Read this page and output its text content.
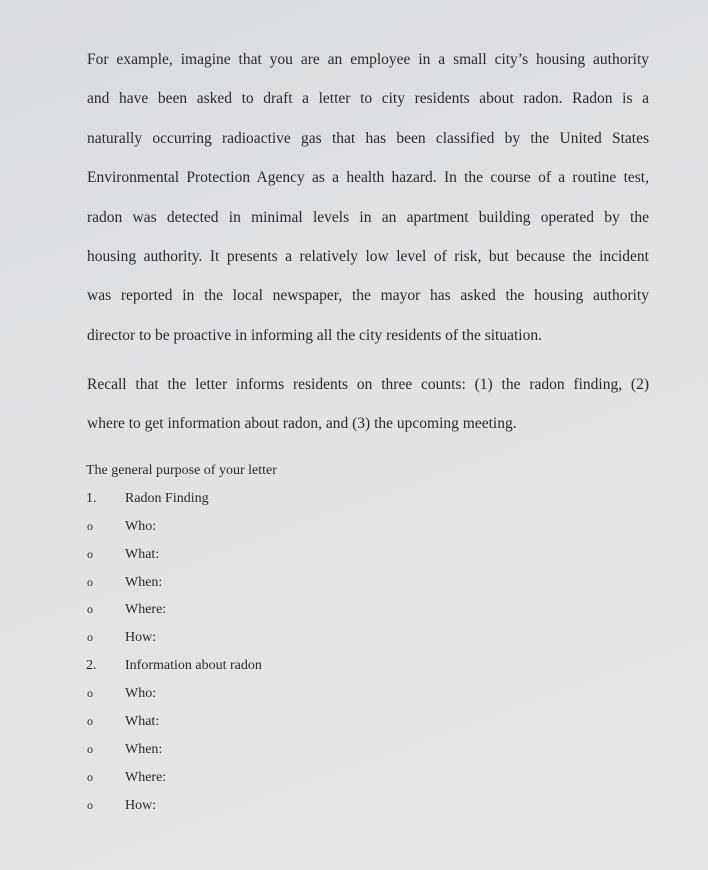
For example, imagine that you are an employee in a small city’s housing authority
and have been asked to draft a letter to city residents about radon. Radon is a
naturally occurring radioactive gas that has been classified by the United States
Environmental Protection Agency as a health hazard. In the course of a routine test,
radon was detected in minimal levels in an apartment building operated by the
housing authority. It presents a relatively low level of risk, but because the incident
was reported in the local newspaper, the mayor has asked the housing authority
director to be proactive in informing all the city residents of the situation.
Recall that the letter informs residents on three counts: (1) the radon finding, (2)
where to get information about radon, and (3) the upcoming meeting.
The general purpose of your letter
1.	Radon Finding
o	Who:
o	What:
o	When:
o	Where:
o	How:
2.	Information about radon
o	Who:
o	What:
o	When:
o	Where:
o	How:
